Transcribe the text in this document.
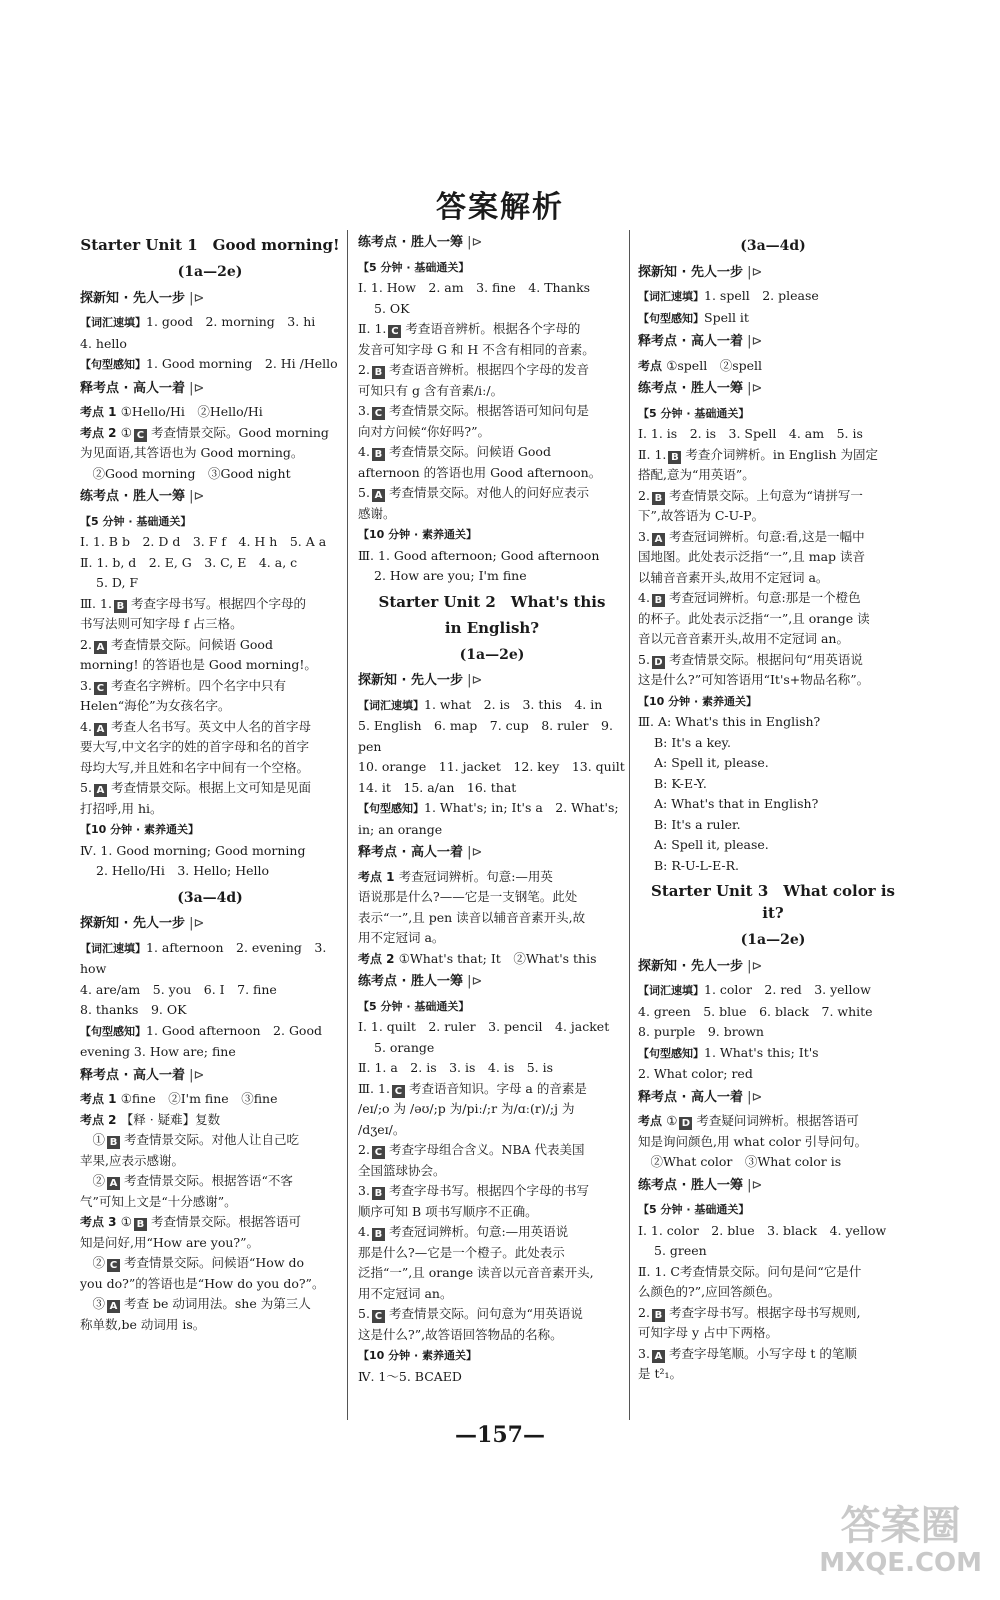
答案解析
Starter Unit 1　Good morning!
(1a—2e)
探新知 · 先人一步 |⊳
【词汇速填】1. good　2. morning　3. hi
4. hello
【句型感知】1. Good morning　2. Hi /Hello
释考点 · 高人一着 |⊳
考点 1 ①Hello/Hi　②Hello/Hi
考点 2 ① C 考查情景交际。Good morning
为见面语,其答语也为 Good morning。
　②Good morning　③Good night
练考点 · 胜人一筹 |⊳
【5 分钟 · 基础通关】
Ⅰ. 1. B b　2. D d　3. F f　4. H h　5. A a
Ⅱ. 1. b, d　2. E, G　3. C, E　4. a, c
5. D, F
Ⅲ. 1. B 考查字母书写。根据四个字母的
书写法则可知字母 f 占三格。
2. A 考查情景交际。问候语 Good
morning! 的答语也是 Good morning!。
3. C 考查名字辨析。四个名字中只有
Helen“海伦”为女孩名字。
4. A 考查人名书写。英文中人名的首字母
要大写,中文名字的姓的首字母和名的首字
母均大写,并且姓和名字中间有一个空格。
5. A 考查情景交际。根据上文可知是见面
打招呼,用 hi。
【10 分钟 · 素养通关】
Ⅳ. 1. Good morning; Good morning
2. Hello/Hi　3. Hello; Hello
(3a—4d)
探新知 · 先人一步 |⊳
【词汇速填】1. afternoon　2. evening　3. how
4. are/am　5. you　6. I　7. fine
8. thanks　9. OK
【句型感知】1. Good afternoon　2. Good
evening 3. How are; fine
释考点 · 高人一着 |⊳
考点 1 ①fine　②I'm fine　③fine
考点 2 【释 · 疑难】复数
　① B 考查情景交际。对他人让自己吃
苹果,应表示感谢。
　② A 考查情景交际。根据答语“不客
气”可知上文是“十分感谢”。
考点 3 ① B 考查情景交际。根据答语可
知是问好,用“How are you?”。
　② C 考查情景交际。问候语“How do
you do?”的答语也是“How do you do?”。
　③ A 考查 be 动词用法。she 为第三人
称单数,be 动词用 is。
练考点 · 胜人一筹 |⊳
【5 分钟 · 基础通关】
Ⅰ. 1. How　2. am　3. fine　4. Thanks
5. OK
Ⅱ. 1. C 考查语音辨析。根据各个字母的
发音可知字母 G 和 H 不含有相同的音素。
2. B 考查语音辨析。根据四个字母的发音
可知只有 g 含有音素/iː/。
3. C 考查情景交际。根据答语可知问句是
向对方问候“你好吗?”。
4. B 考查情景交际。问候语 Good
afternoon 的答语也用 Good afternoon。
5. A 考查情景交际。对他人的问好应表示
感谢。
【10 分钟 · 素养通关】
Ⅲ. 1. Good afternoon; Good afternoon
2. How are you; I'm fine
Starter Unit 2　What's this
in English?
(1a—2e)
探新知 · 先人一步 |⊳
【词汇速填】1. what　2. is　3. this　4. in
5. English　6. map　7. cup　8. ruler　9. pen
10. orange　11. jacket　12. key　13. quilt
14. it　15. a/an　16. that
【句型感知】1. What's; in; It's a　2. What's;
in; an orange
释考点 · 高人一着 |⊳
考点 1 考查冠词辨析。句意:—用英
语说那是什么?——它是一支钢笔。此处
表示“一”,且 pen 读音以辅音音素开头,故
用不定冠词 a。
考点 2 ①What's that; It　②What's this
练考点 · 胜人一筹 |⊳
【5 分钟 · 基础通关】
Ⅰ. 1. quilt　2. ruler　3. pencil　4. jacket
5. orange
Ⅱ. 1. a　2. is　3. is　4. is　5. is
Ⅲ. 1. C 考查语音知识。字母 a 的音素是
/eɪ/;o 为 /əʊ/;p 为/piː/;r 为/ɑː(r)/;j 为
/dʒeɪ/。
2. C 考查字母组合含义。NBA 代表美国
全国篮球协会。
3. B 考查字母书写。根据四个字母的书写
顺序可知 B 项书写顺序不正确。
4. B 考查冠词辨析。句意:—用英语说
那是什么?—它是一个橙子。此处表示
泛指“一”,且 orange 读音以元音音素开头,
用不定冠词 an。
5. C 考查情景交际。问句意为“用英语说
这是什么?”,故答语回答物品的名称。
【10 分钟 · 素养通关】
Ⅳ. 1～5. BCAED
(3a—4d)
探新知 · 先人一步 |⊳
【词汇速填】1. spell　2. please
【句型感知】Spell it
释考点 · 高人一着 |⊳
考点 ①spell　②spell
练考点 · 胜人一筹 |⊳
【5 分钟 · 基础通关】
Ⅰ. 1. is　2. is　3. Spell　4. am　5. is
Ⅱ. 1. B 考查介词辨析。in English 为固定
搭配,意为“用英语”。
2. B 考查情景交际。上句意为“请拼写一
下”,故答语为 C-U-P。
3. A 考查冠词辨析。句意:看,这是一幅中
国地图。此处表示泛指“一”,且 map 读音
以辅音音素开头,故用不定冠词 a。
4. B 考查冠词辨析。句意:那是一个橙色
的杯子。此处表示泛指“一”,且 orange 读
音以元音音素开头,故用不定冠词 an。
5. D 考查情景交际。根据问句“用英语说
这是什么?”可知答语用“It's+物品名称”。
【10 分钟 · 素养通关】
Ⅲ. A: What's this in English?
B: It's a key.
A: Spell it, please.
B: K-E-Y.
A: What's that in English?
B: It's a ruler.
A: Spell it, please.
B: R-U-L-E-R.
Starter Unit 3　What color is it?
(1a—2e)
探新知 · 先人一步 |⊳
【词汇速填】1. color　2. red　3. yellow
4. green　5. blue　6. black　7. white
8. purple　9. brown
【句型感知】1. What's this; It's
2. What color; red
释考点 · 高人一着 |⊳
考点 ① D 考查疑问词辨析。根据答语可
知是询问颜色,用 what color 引导问句。
　②What color　③What color is
练考点 · 胜人一筹 |⊳
【5 分钟 · 基础通关】
Ⅰ. 1. color　2. blue　3. black　4. yellow
5. green
Ⅱ. 1. C考查情景交际。问句是问“它是什
么颜色的?”,应回答颜色。
2. B 考查字母书写。根据字母书写规则,
可知字母 y 占中下两格。
3. A 考查字母笔顺。小写字母 t 的笔顺
是 t²₁。
—157—
答案圈
MXQE.COM
